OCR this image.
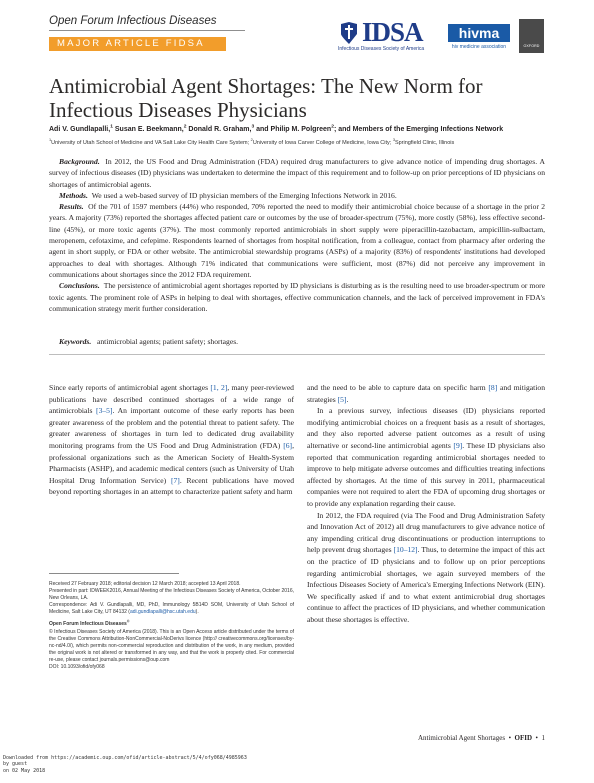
Open Forum Infectious Diseases
MAJOR ARTICLE FIDSA	IDSA
Infectious Diseases Society of America
hivma
hiv medicine association	OXFORD
Antimicrobial Agent Shortages: The New Norm for Infectious Diseases Physicians
Adi V. Gundlapalli,$^1$ Susan E. Beekmann,$^2$ Donald R. Graham,$^3$ and Philip M. Polgreen$^2$; and Members of the Emerging Infections Network
$^1$University of Utah School of Medicine and VA Salt Lake City Health Care System; $^2$University of Iowa Carver College of Medicine, Iowa City; $^3$Springfield Clinic, Illinois

Background. In 2012, the US Food and Drug Administration (FDA) required drug manufacturers to give advance notice of impending drug shortages. A survey of infectious diseases (ID) physicians was undertaken to determine the impact of this requirement and to follow-up on prior perceptions of ID physicians on shortages of antimicrobial agents.

Methods. We used a web-based survey of ID physician members of the Emerging Infections Network in 2016.

Results. Of the 701 of 1597 members (44%) who responded, 70% reported the need to modify their antimicrobial choice because of a shortage in the prior 2 years. A majority (73%) reported the shortages affected patient care or outcomes by the use of broader-spectrum (75%), more costly (58%), less effective second-line (45%), or more toxic agents (37%). The most commonly reported antimicrobials in short supply were piperacillin-tazobactam, ampicillin-sulbactam, meropenem, cefotaxime, and cefepime. Respondents learned of shortages from hospital notification, from a colleague, contact from pharmacy after ordering the agent in short supply, or FDA or other website. The antimicrobial stewardship programs (ASPs) of a majority (83%) of respondents' institutions had developed approaches to deal with shortages. Although 71% indicated that communications were sufficient, most (87%) did not perceive any improvement in communications about shortages since the 2012 FDA requirement.

Conclusions. The persistence of antimicrobial agent shortages reported by ID physicians is disturbing as is the resulting need to use broader-spectrum or more toxic agents. The prominent role of ASPs in helping to deal with shortages, effective communication channels, and the lack of perceived improvement in FDA's communication strategy merit further consideration.

Keywords. antimicrobial agents; patient safety; shortages.

Since early reports of antimicrobial agent shortages [1, 2], many peer-reviewed publications have described continued shortages of a wide range of antimicrobials [3–5]. An important outcome of these early reports has been greater awareness of the problem and the potential threat to patient safety. The greater awareness of shortages in turn led to dedicated drug availability monitoring programs from the US Food and Drug Administration (FDA) [6], professional organizations such as the American Society of Health-System Pharmacists (ASHP), and academic medical centers (such as University of Utah Hospital Drug Information Service) [7]. Recent publications have moved beyond reporting shortages in an attempt to characterize patient safety and harm

and the need to be able to capture data on specific harm [8] and mitigation strategies [5].

In a previous survey, infectious diseases (ID) physicians reported modifying antimicrobial choices on a frequent basis as a result of shortages, and they also reported adverse patient outcomes as a result of using alternative or second-line antimicrobial agents [9]. These ID physicians also reported that communication regarding antimicrobial shortages needed to improve to help mitigate adverse outcomes and difficulties treating infections affected by shortages. At the time of this survey in 2011, pharmaceutical companies were not required to alert the FDA of upcoming drug shortages or to provide any explanation regarding their cause.

In 2012, the FDA required (via The Food and Drug Administration Safety and Innovation Act of 2012) all drug manufacturers to give advance notice of any impending critical drug discontinuations or production interruptions to help prevent drug shortages [10–12]. Thus, to determine the impact of this act on the practice of ID physicians and to follow up on prior perceptions regarding antimicrobial shortages, we again surveyed members of the Infectious Diseases Society of America's Emerging Infections Network (EIN). We specifically asked if and to what extent antimicrobial drug shortages continue to affect the practices of ID physicians, and whether communication about these shortages is effective.

Received 27 February 2018; editorial decision 12 March 2018; accepted 13 April 2018.

Presented in part: IDWEEK2016, Annual Meeting of the Infectious Diseases Society of America, October 2016, New Orleans, LA.

Correspondence: Adi V. Gundlapalli, MD, PhD, Immunology 5B14D SOM, University of Utah School of Medicine, Salt Lake City, UT 84132 (adi.gundlapalli@hsc.utah.edu).

Open Forum Infectious Diseases®

© Infectious Diseases Society of America (2018). This is an Open Access article distributed under the terms of the Creative Commons Attribution-NonCommercial-NoDerivs licence (http:// creativecommons.org/licenses/by-nc-nd/4.0/), which permits non-commercial reproduction and distribution of the work, in any medium, provided the original work is not altered or transformed in any way, and that the work is properly cited. For commercial re-use, please contact journals.permissions@oup.com

DOI: 10.1093/ofid/ofy068

Antimicrobial Agent Shortages • OFID • 1
Downloaded from https://academic.oup.com/ofid/article-abstract/5/4/ofy068/4985963
by guest
on 02 May 2018
